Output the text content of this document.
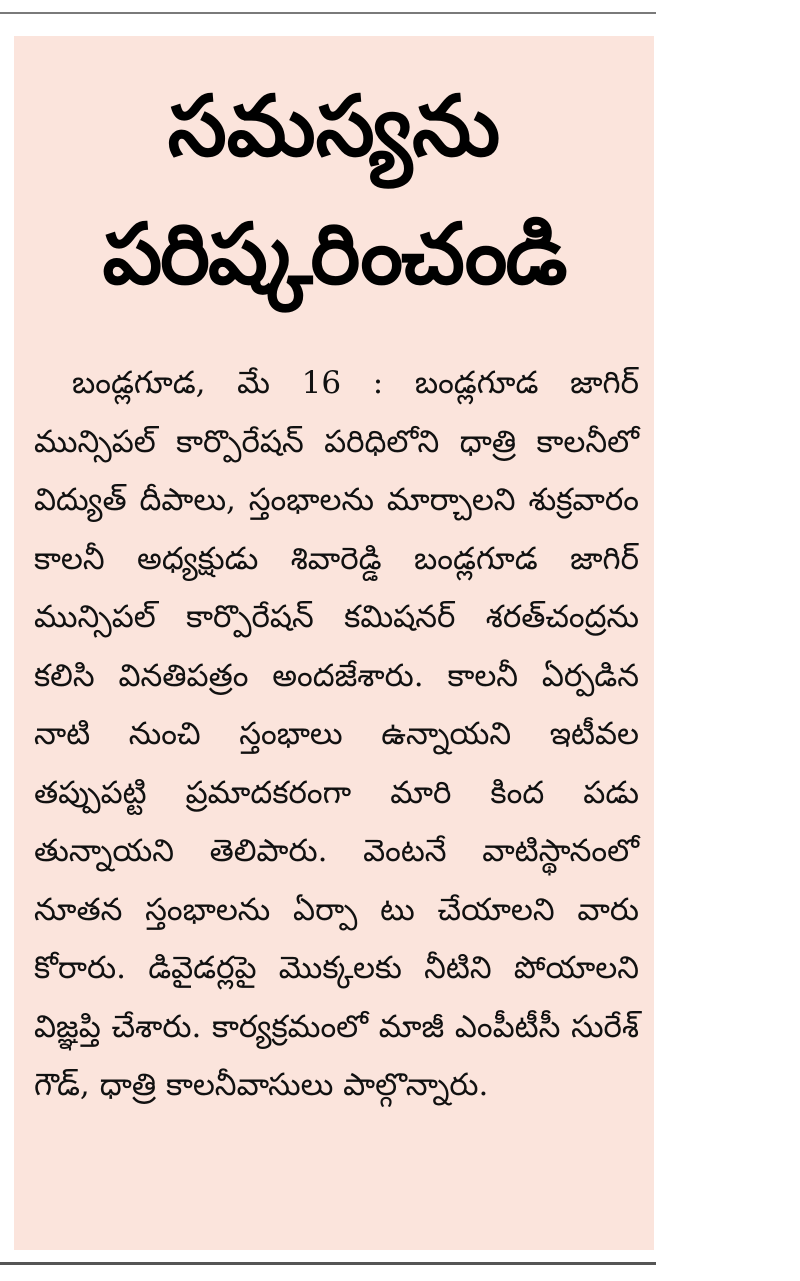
సమస్యను
పరిష్కరించండి

బండ్లగూడ, మే 16 : బండ్లగూడ జాగిర్ మున్సిపల్ కార్పొరేషన్ పరిధిలోని ధాత్రి కాలనీలో విద్యుత్ దీపాలు, స్తంభాలను మార్చాలని శుక్రవారం కాలనీ అధ్యక్షుడు శివారెడ్డి బండ్లగూడ జాగిర్ మున్సిపల్ కార్పొరేషన్ కమిషనర్ శరత్‌చంద్రను కలిసి వినతిపత్రం అందజేశారు. కాలనీ ఏర్పడిన నాటి నుంచి స్తంభాలు ఉన్నాయని ఇటీవల తప్పుపట్టి ప్రమాదకరంగా మారి కింద పడు తున్నాయని తెలిపారు. వెంటనే వాటిస్థానంలో నూతన స్తంభాలను ఏర్పా టు చేయాలని వారు కోరారు. డివైడర్లపై మొక్కలకు నీటిని పోయాలని విజ్ఞప్తి చేశారు. కార్యక్రమంలో మాజీ ఎంపీటీసీ సురేశ్ గౌడ్, ధాత్రి కాలనీవాసులు పాల్గొన్నారు.
